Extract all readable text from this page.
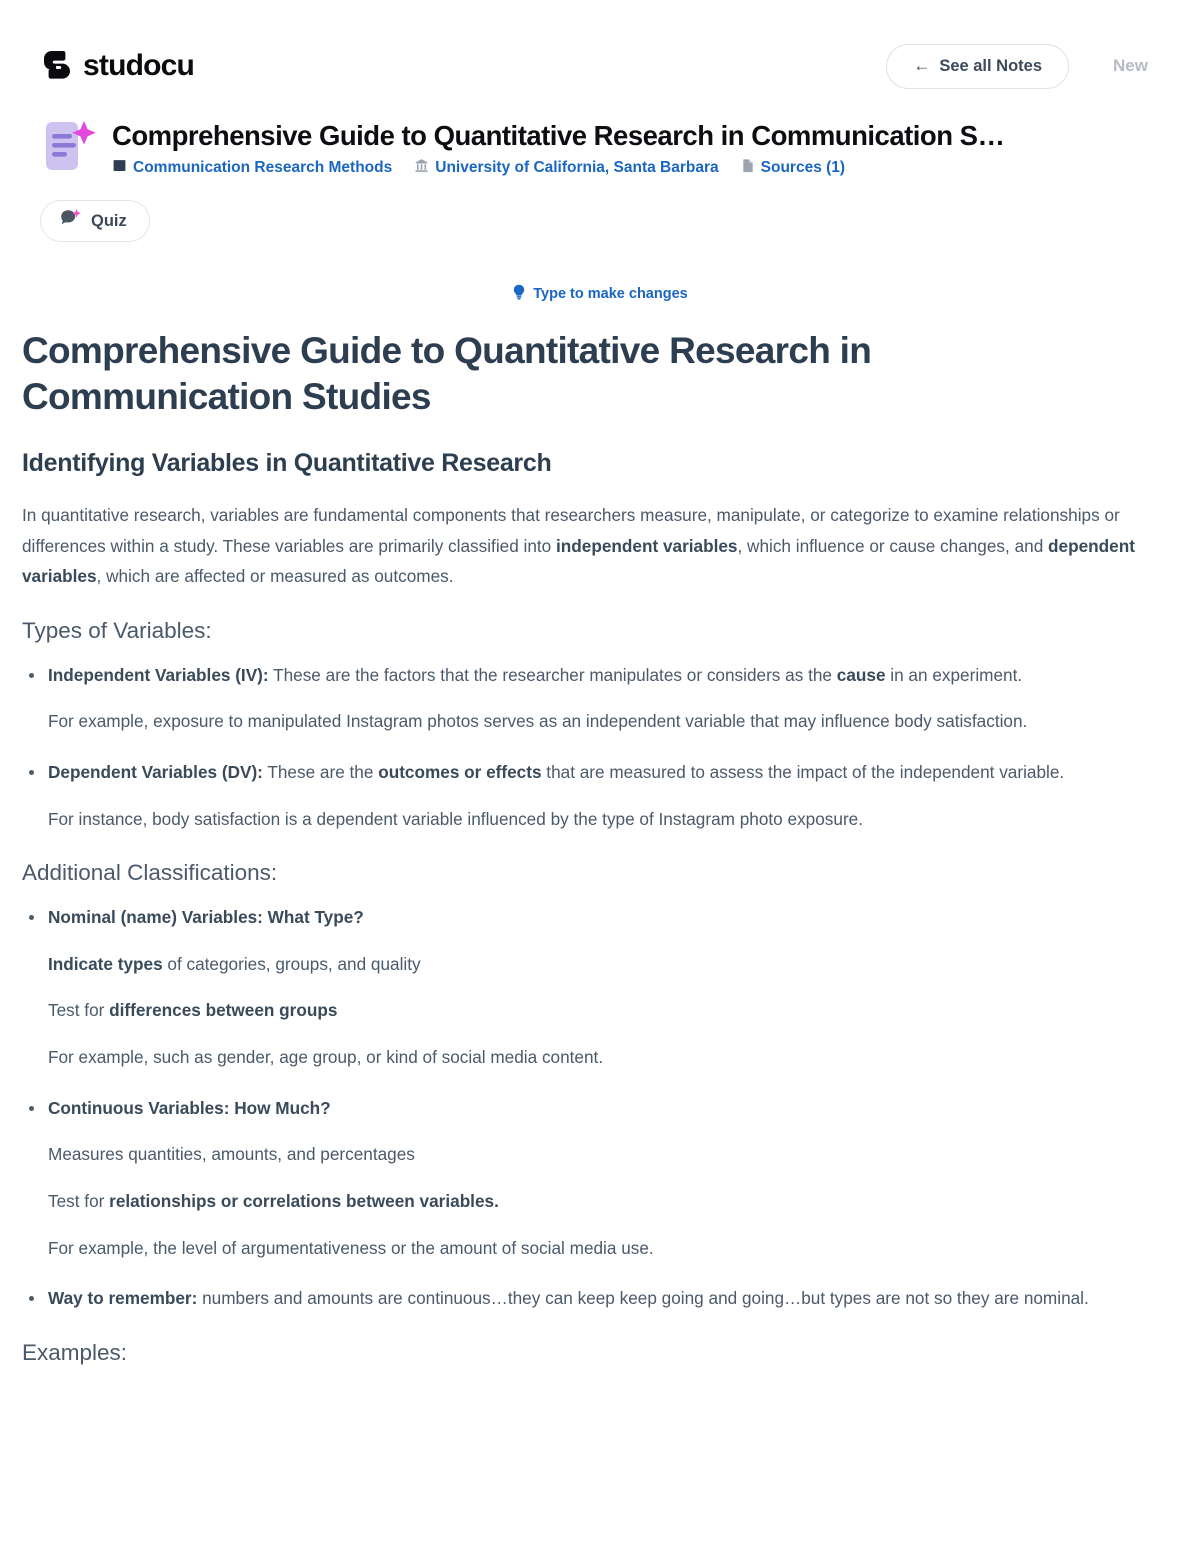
studocu	← See all Notes	New
Comprehensive Guide to Quantitative Research in Communication S…
Communication Research Methods	University of California, Santa Barbara	Sources (1)
Quiz
Type to make changes
Comprehensive Guide to Quantitative Research in Communication Studies
Identifying Variables in Quantitative Research

In quantitative research, variables are fundamental components that researchers measure, manipulate, or categorize to examine relationships or differences within a study. These variables are primarily classified into independent variables, which influence or cause changes, and dependent variables, which are affected or measured as outcomes.

Types of Variables:

Independent Variables (IV): These are the factors that the researcher manipulates or considers as the cause in an experiment.

For example, exposure to manipulated Instagram photos serves as an independent variable that may influence body satisfaction.

Dependent Variables (DV): These are the outcomes or effects that are measured to assess the impact of the independent variable.

For instance, body satisfaction is a dependent variable influenced by the type of Instagram photo exposure.

Additional Classifications:

Nominal (name) Variables: What Type?

Indicate types of categories, groups, and quality

Test for differences between groups

For example, such as gender, age group, or kind of social media content.

Continuous Variables: How Much?

Measures quantities, amounts, and percentages

Test for relationships or correlations between variables.

For example, the level of argumentativeness or the amount of social media use.

Way to remember: numbers and amounts are continuous…they can keep keep going and going…but types are not so they are nominal.

Examples:
